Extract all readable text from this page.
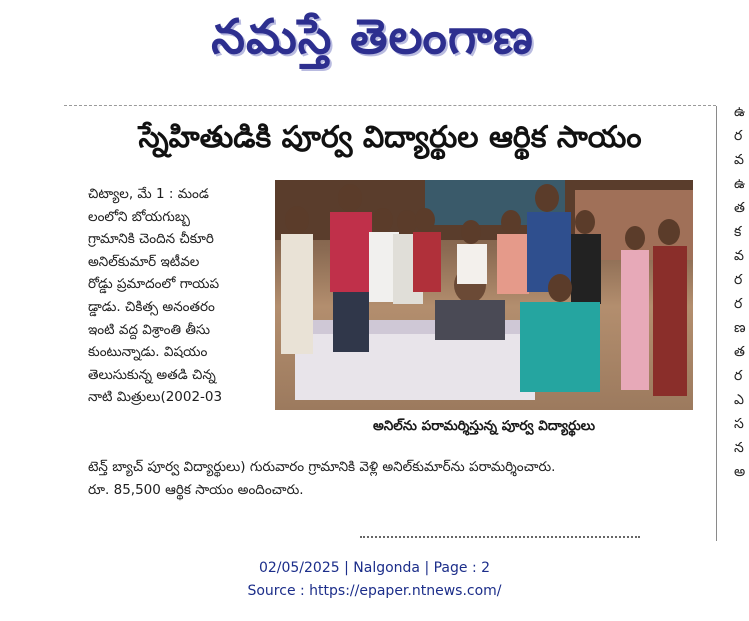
నమస్తే తెలంగాణ
ఉ
ర
వ
ఉ
త
క
వ
ర
ర
ణ
త
ర
ఎ
స
న
అ
స్నేహితుడికి పూర్వ విద్యార్థుల ఆర్థిక సాయం

చిట్యాల, మే 1 : మండ

లంలోని బోయగుబ్బ

గ్రామానికి చెందిన చీకూరి

అనిల్‌కుమార్ ఇటీవల

రోడ్డు ప్రమాదంలో గాయప

డ్డాడు. చికిత్స అనంతరం

ఇంటి వద్ద విశ్రాంతి తీసు

కుంటున్నాడు. విషయం

తెలుసుకున్న అతడి చిన్న

నాటి మిత్రులు(2002-03

అనిల్‌ను పరామర్శిస్తున్న పూర్వ విద్యార్థులు
టెన్త్ బ్యాచ్ పూర్వ విద్యార్థులు) గురువారం గ్రామానికి వెళ్లి అనిల్‌కుమార్‌ను పరామర్శించారు.
రూ. 85,500 ఆర్థిక సాయం అందించారు.
02/05/2025 | Nalgonda | Page : 2
Source : https://epaper.ntnews.com/
